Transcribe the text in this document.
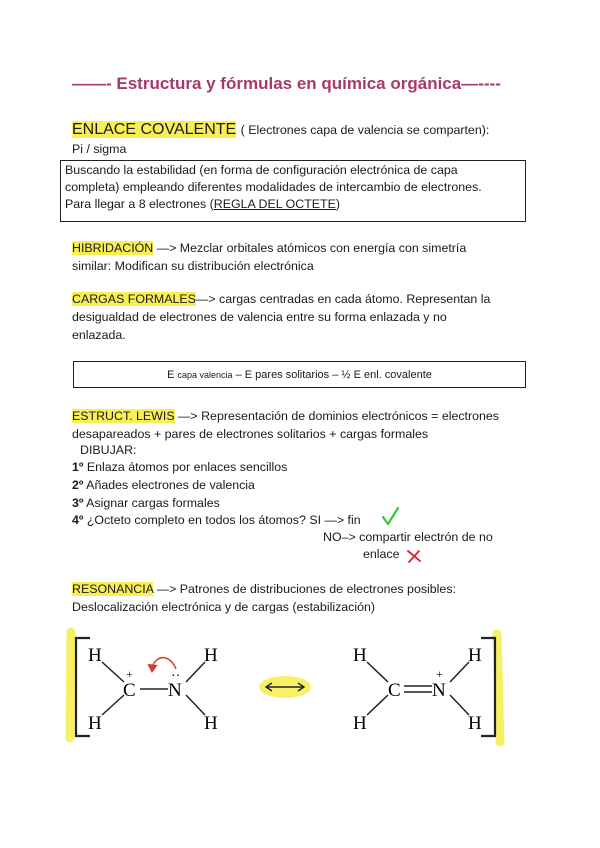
——- Estructura y fórmulas en química orgánica—----
ENLACE COVALENTE ( Electrones capa de valencia se comparten):
Pi / sigma
Buscando la estabilidad (en forma de configuración electrónica de capa
completa) empleando diferentes modalidades de intercambio de electrones.
Para llegar a 8 electrones (REGLA DEL OCTETE)
HIBRIDACIÓN —> Mezclar orbitales atómicos con energía con simetría
similar: Modifican su distribución electrónica
CARGAS FORMALES—> cargas centradas en cada átomo. Representan la
desigualdad de electrones de valencia entre su forma enlazada y no
enlazada.
E capa valencia – E pares solitarios – ½ E enl. covalente
ESTRUCT. LEWIS —> Representación de dominios electrónicos = electrones
desapareados + pares de electrones solitarios + cargas formales
DIBUJAR:
1º Enlaza átomos por enlaces sencillos
2º Añades electrones de valencia
3º Asignar cargas formales
4º ¿Octeto completo en todos los átomos? SI —> fin
NO–> compartir electrón de no
enlace
RESONANCIA —> Patrones de distribuciones de electrones posibles:
Deslocalización electrónica y de cargas (estabilización)
H
H
C
+
N
··
H
H
H
H
C N
+
H
H
